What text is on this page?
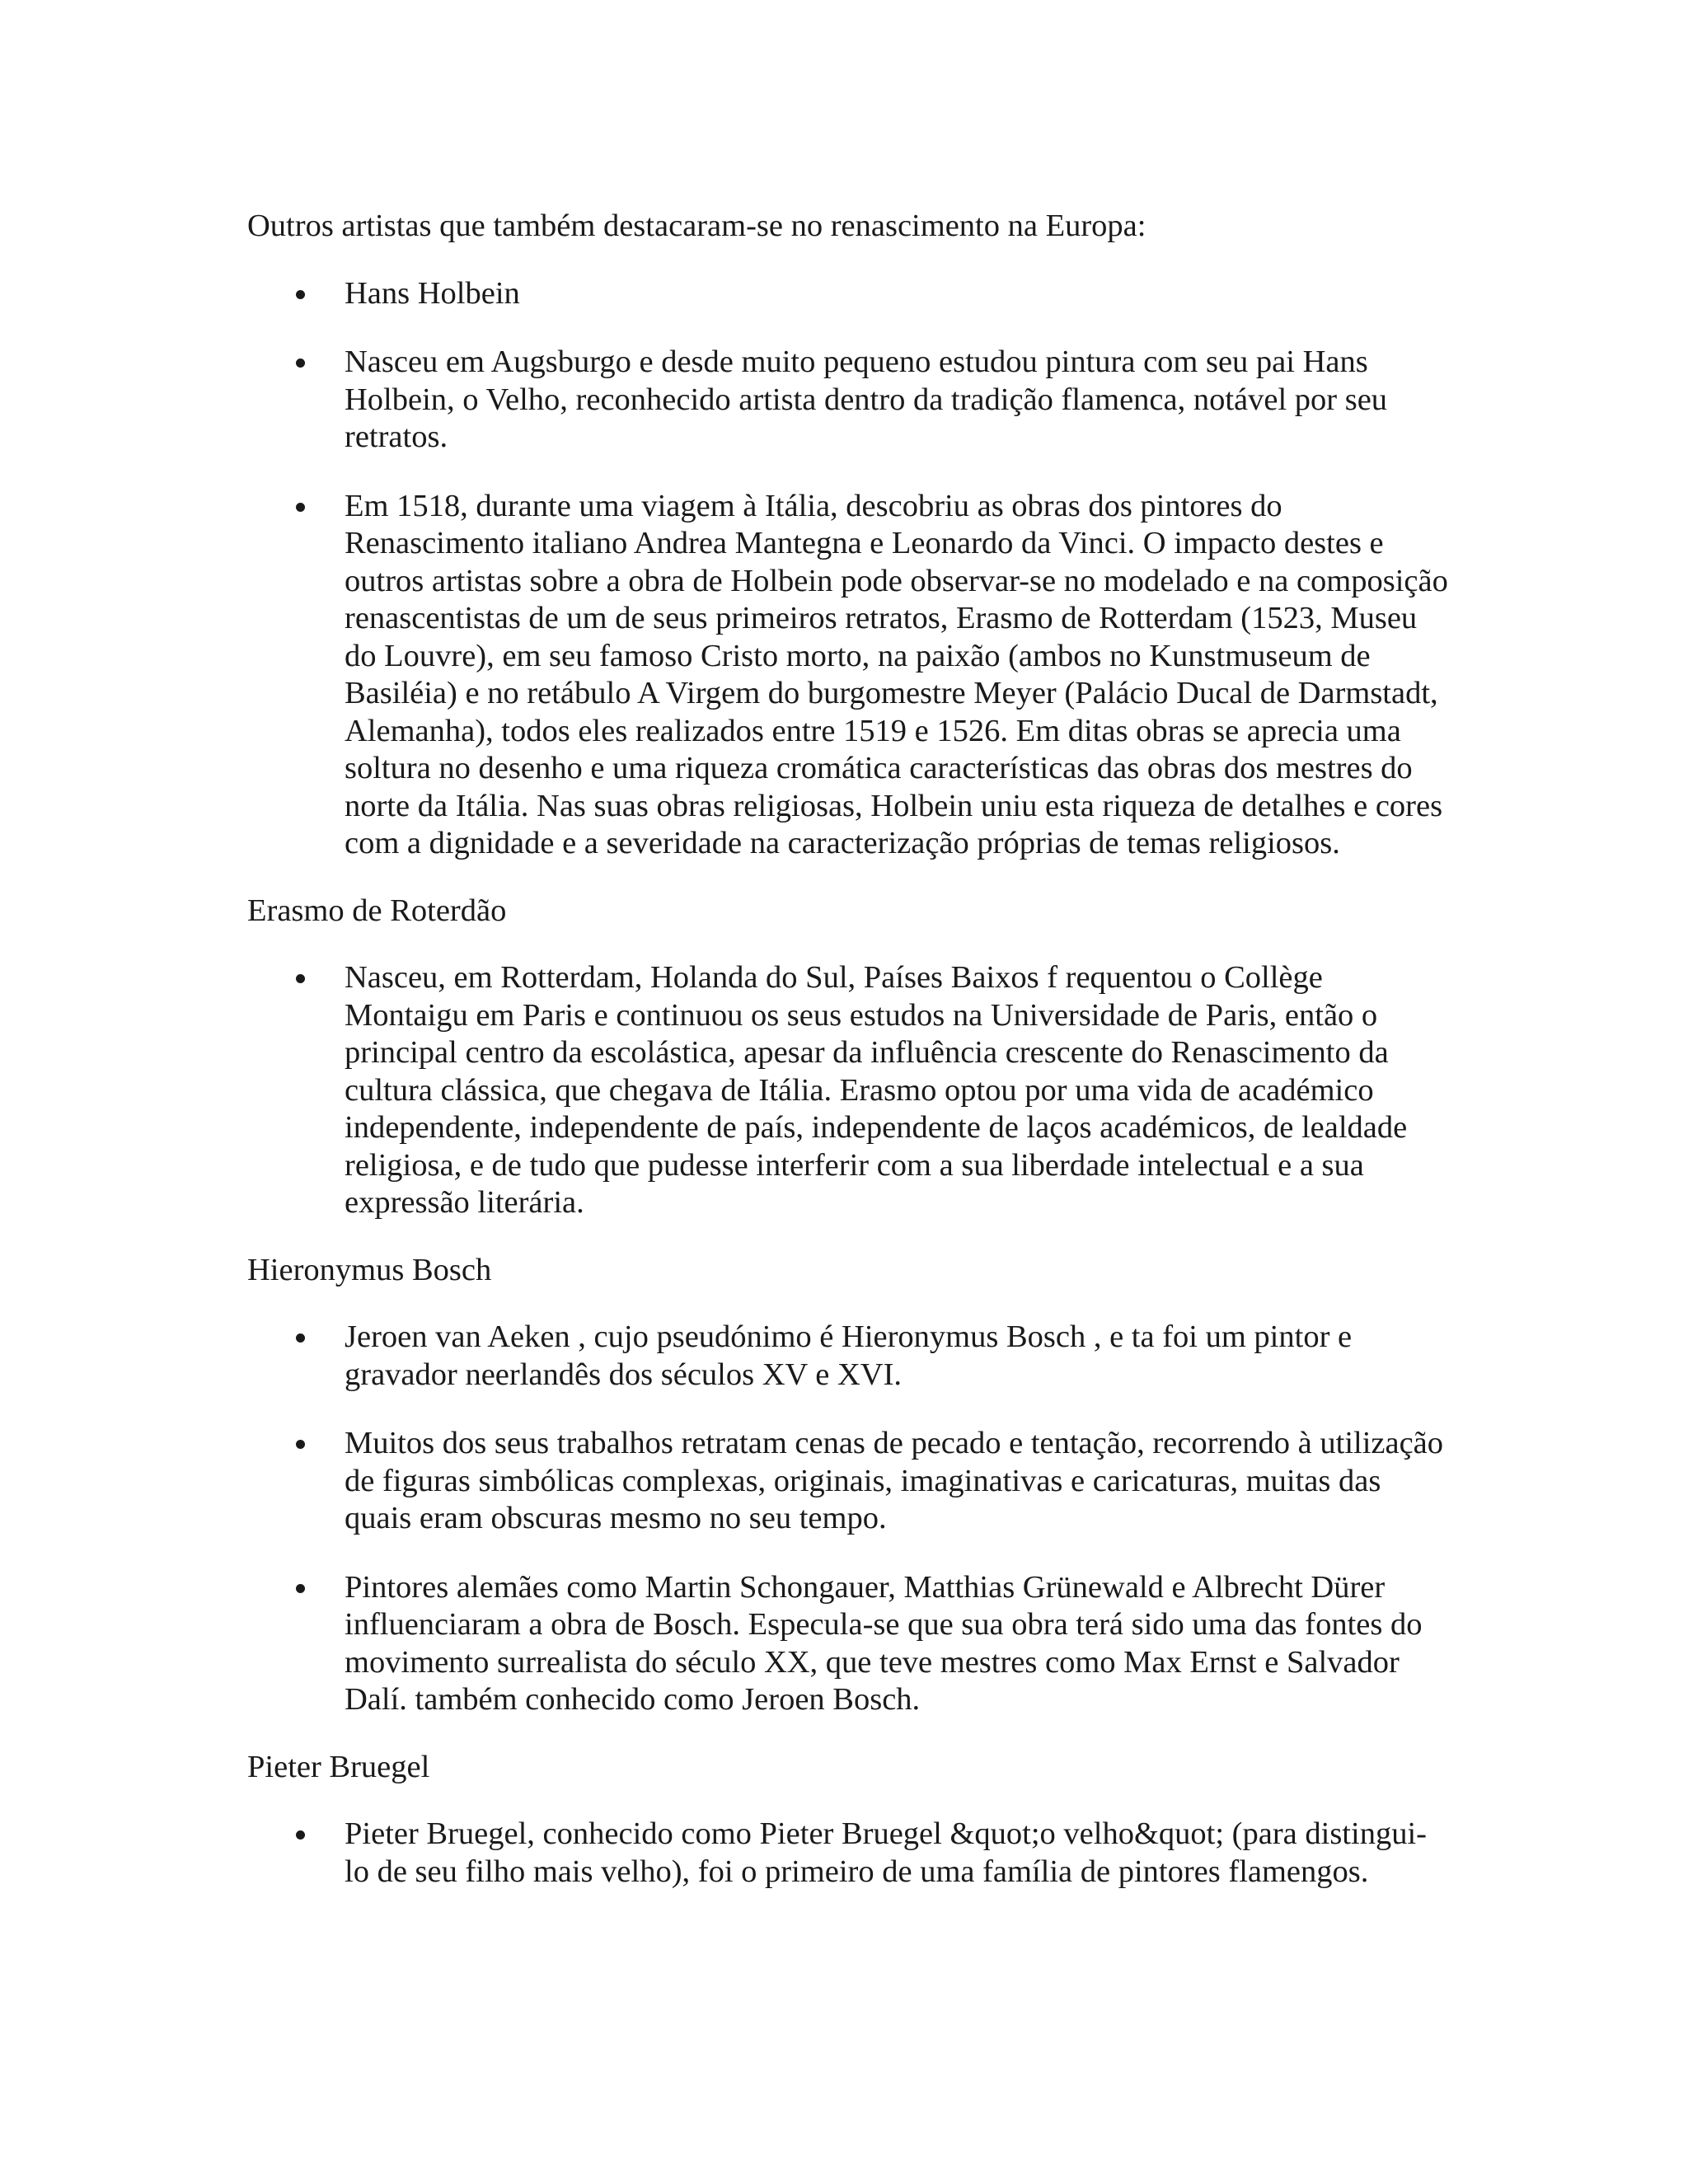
Outros artistas que também destacaram-se no renascimento na Europa:

Hans Holbein
Nasceu em Augsburgo e desde muito pequeno estudou pintura com seu pai Hans Holbein, o Velho, reconhecido artista dentro da tradição flamenca, notável por seu retratos.
Em 1518, durante uma viagem à Itália, descobriu as obras dos pintores do Renascimento italiano Andrea Mantegna e Leonardo da Vinci. O impacto destes e outros artistas sobre a obra de Holbein pode observar-se no modelado e na composição renascentistas de um de seus primeiros retratos, Erasmo de Rotterdam (1523, Museu do Louvre), em seu famoso Cristo morto, na paixão (ambos no Kunstmuseum de Basiléia) e no retábulo A Virgem do burgomestre Meyer (Palácio Ducal de Darmstadt, Alemanha), todos eles realizados entre 1519 e 1526. Em ditas obras se aprecia uma soltura no desenho e uma riqueza cromática características das obras dos mestres do norte da Itália. Nas suas obras religiosas, Holbein uniu esta riqueza de detalhes e cores com a dignidade e a severidade na caracterização próprias de temas religiosos.

Erasmo de Roterdão

Nasceu, em Rotterdam, Holanda do Sul, Países Baixos f requentou o Collège Montaigu em Paris e continuou os seus estudos na Universidade de Paris, então o principal centro da escolástica, apesar da influência crescente do Renascimento da cultura clássica, que chegava de Itália. Erasmo optou por uma vida de académico independente, independente de país, independente de laços académicos, de lealdade religiosa, e de tudo que pudesse interferir com a sua liberdade intelectual e a sua expressão literária.

Hieronymus Bosch

Jeroen van Aeken , cujo pseudónimo é Hieronymus Bosch , e ta foi um pintor e gravador neerlandês dos séculos XV e XVI.
Muitos dos seus trabalhos retratam cenas de pecado e tentação, recorrendo à utilização de figuras simbólicas complexas, originais, imaginativas e caricaturas, muitas das quais eram obscuras mesmo no seu tempo.
Pintores alemães como Martin Schongauer, Matthias Grünewald e Albrecht Dürer influenciaram a obra de Bosch. Especula-se que sua obra terá sido uma das fontes do movimento surrealista do século XX, que teve mestres como Max Ernst e Salvador Dalí. também conhecido como Jeroen Bosch.

Pieter Bruegel

Pieter Bruegel, conhecido como Pieter Bruegel &quot;o velho&quot; (para distingui-lo de seu filho mais velho), foi o primeiro de uma família de pintores flamengos.
